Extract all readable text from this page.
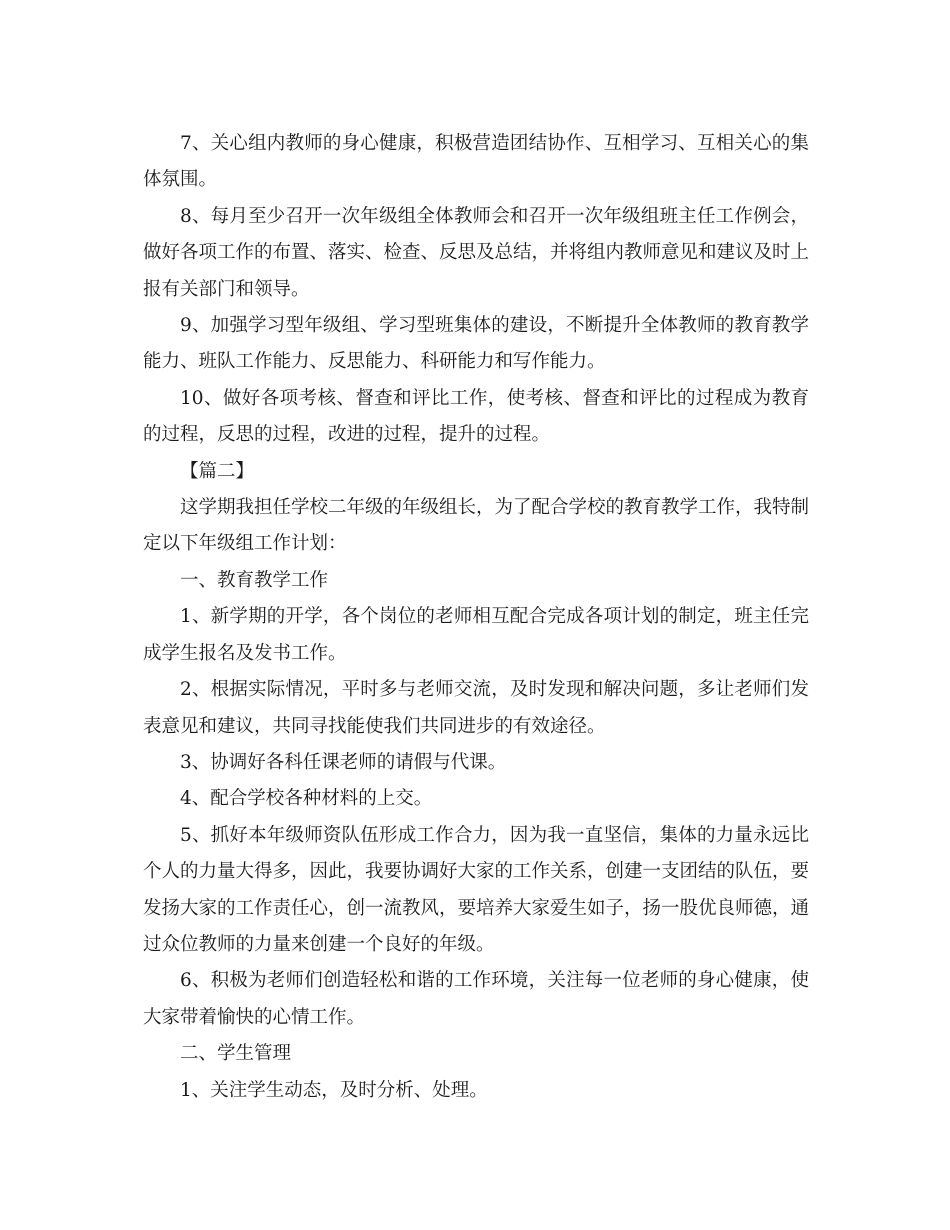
7、关心组内教师的身心健康，积极营造团结协作、互相学习、互相关心的集体氛围。

8、每月至少召开一次年级组全体教师会和召开一次年级组班主任工作例会，做好各项工作的布置、落实、检查、反思及总结，并将组内教师意见和建议及时上报有关部门和领导。

9、加强学习型年级组、学习型班集体的建设，不断提升全体教师的教育教学能力、班队工作能力、反思能力、科研能力和写作能力。

10、做好各项考核、督查和评比工作，使考核、督查和评比的过程成为教育的过程，反思的过程，改进的过程，提升的过程。

【篇二】

这学期我担任学校二年级的年级组长，为了配合学校的教育教学工作，我特制定以下年级组工作计划：

一、教育教学工作

1、新学期的开学，各个岗位的老师相互配合完成各项计划的制定，班主任完成学生报名及发书工作。

2、根据实际情况，平时多与老师交流，及时发现和解决问题，多让老师们发表意见和建议，共同寻找能使我们共同进步的有效途径。

3、协调好各科任课老师的请假与代课。

4、配合学校各种材料的上交。

5、抓好本年级师资队伍形成工作合力，因为我一直坚信，集体的力量永远比个人的力量大得多，因此，我要协调好大家的工作关系，创建一支团结的队伍，要发扬大家的工作责任心，创一流教风，要培养大家爱生如子，扬一股优良师德，通过众位教师的力量来创建一个良好的年级。

6、积极为老师们创造轻松和谐的工作环境，关注每一位老师的身心健康，使大家带着愉快的心情工作。

二、学生管理

1、关注学生动态，及时分析、处理。
